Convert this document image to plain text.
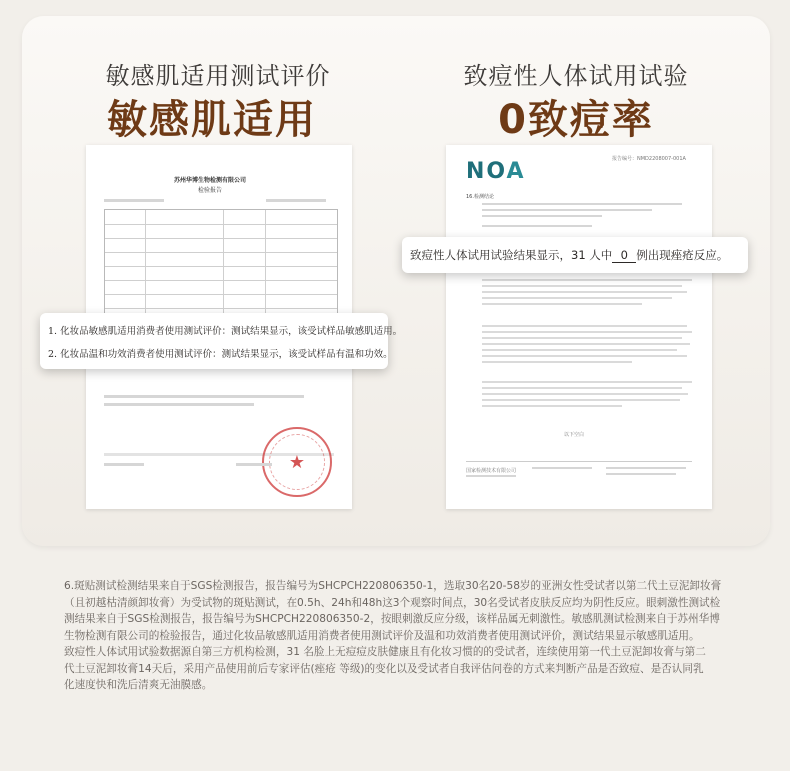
敏感肌适用测试评价
敏感肌适用
苏州华博生物检测有限公司
检验报告
★
1. 化妆品敏感肌适用消费者使用测试评价：测试结果显示，该受试样品敏感肌适用。
2. 化妆品温和功效消费者使用测试评价：测试结果显示，该受试样品有温和功效。
致痘性人体试用试验
0致痘率
NOA	报告编号：NMD2208007-001A
16.检测结论
以下空白
国家检测技术有限公司
致痘性人体试用试验结果显示，31 人中 0 例出现痤疮反应。
6.斑贴测试检测结果来自于SGS检测报告，报告编号为SHCPCH220806350-1，选取30名20-58岁的亚洲女性受试者以第二代土豆泥卸妆膏
（且初越枯清颜卸妆膏）为受试物的斑贴测试，在0.5h、24h和48h这3个观察时间点，30名受试者皮肤反应均为阴性反应。眼刺激性测试检
测结果来自于SGS检测报告，报告编号为SHCPCH220806350-2，按眼刺激反应分级，该样品属无刺激性。敏感肌测试检测来自于苏州华博
生物检测有限公司的检验报告，通过化妆品敏感肌适用消费者使用测试评价及温和功效消费者使用测试评价，测试结果显示敏感肌适用。
致痘性人体试用试验数据源自第三方机构检测，31 名脸上无痘痘皮肤健康且有化妆习惯的的受试者，连续使用第一代土豆泥卸妆膏与第二
代土豆泥卸妆膏14天后，采用产品使用前后专家评估(痤疮 等级)的变化以及受试者自我评估问卷的方式来判断产品是否致痘、是否认同乳
化速度快和洗后清爽无油膜感。
